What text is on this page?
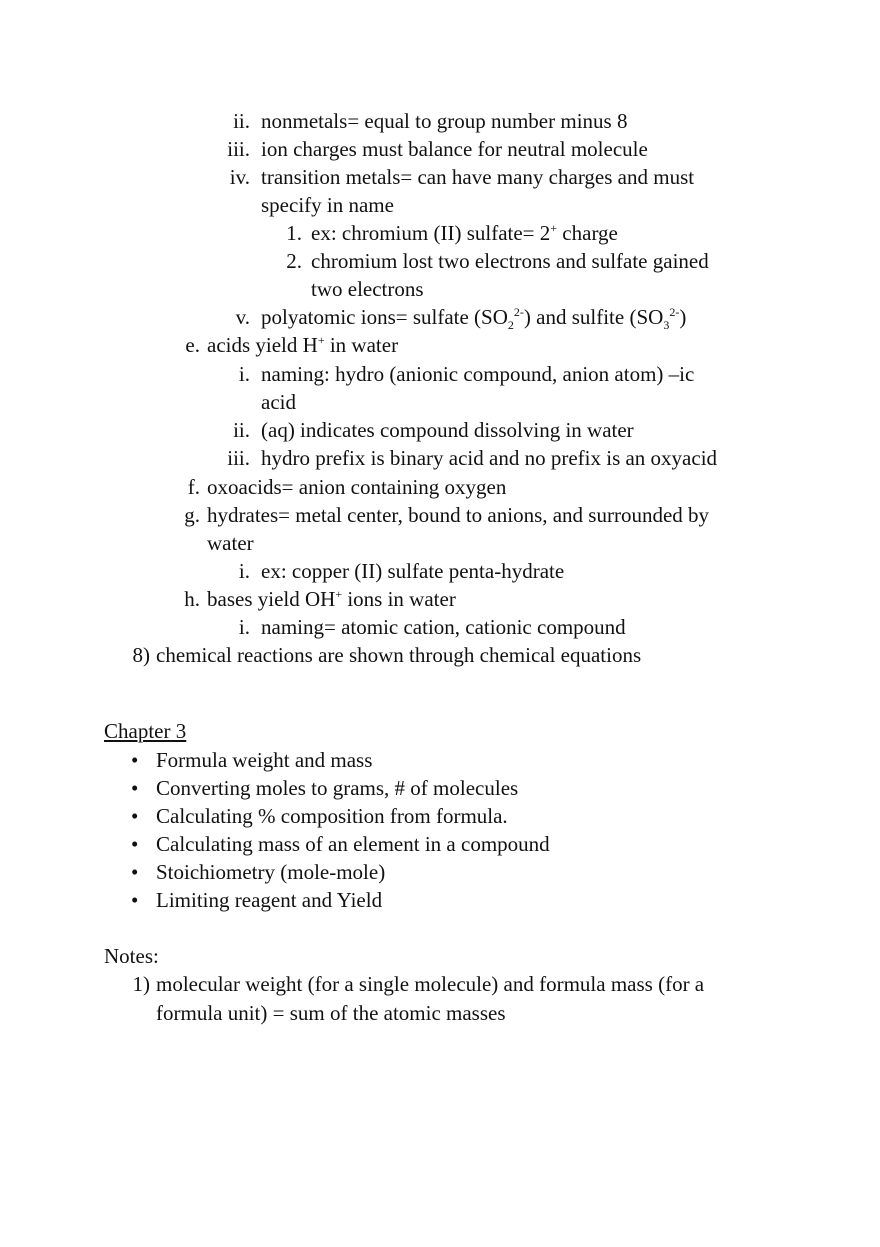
ii. nonmetals= equal to group number minus 8
iii. ion charges must balance for neutral molecule
iv. transition metals= can have many charges and must
specify in name
1. ex: chromium (II) sulfate= 2+ charge
2. chromium lost two electrons and sulfate gained
two electrons
v. polyatomic ions= sulfate $(SO_2^{2-})$ and sulfite $(SO_3^{2-})$
e. acids yield H+ in water
i. naming: hydro (anionic compound, anion atom) –ic
acid
ii. (aq) indicates compound dissolving in water
iii. hydro prefix is binary acid and no prefix is an oxyacid
f. oxoacids= anion containing oxygen
g. hydrates= metal center, bound to anions, and surrounded by
water
i. ex: copper (II) sulfate penta-hydrate
h. bases yield OH+ ions in water
i. naming= atomic cation, cationic compound
8) chemical reactions are shown through chemical equations
Chapter 3
• Formula weight and mass
• Converting moles to grams, # of molecules
• Calculating % composition from formula.
• Calculating mass of an element in a compound
• Stoichiometry (mole-mole)
• Limiting reagent and Yield
Notes:
1) molecular weight (for a single molecule) and formula mass (for a
formula unit) = sum of the atomic masses
